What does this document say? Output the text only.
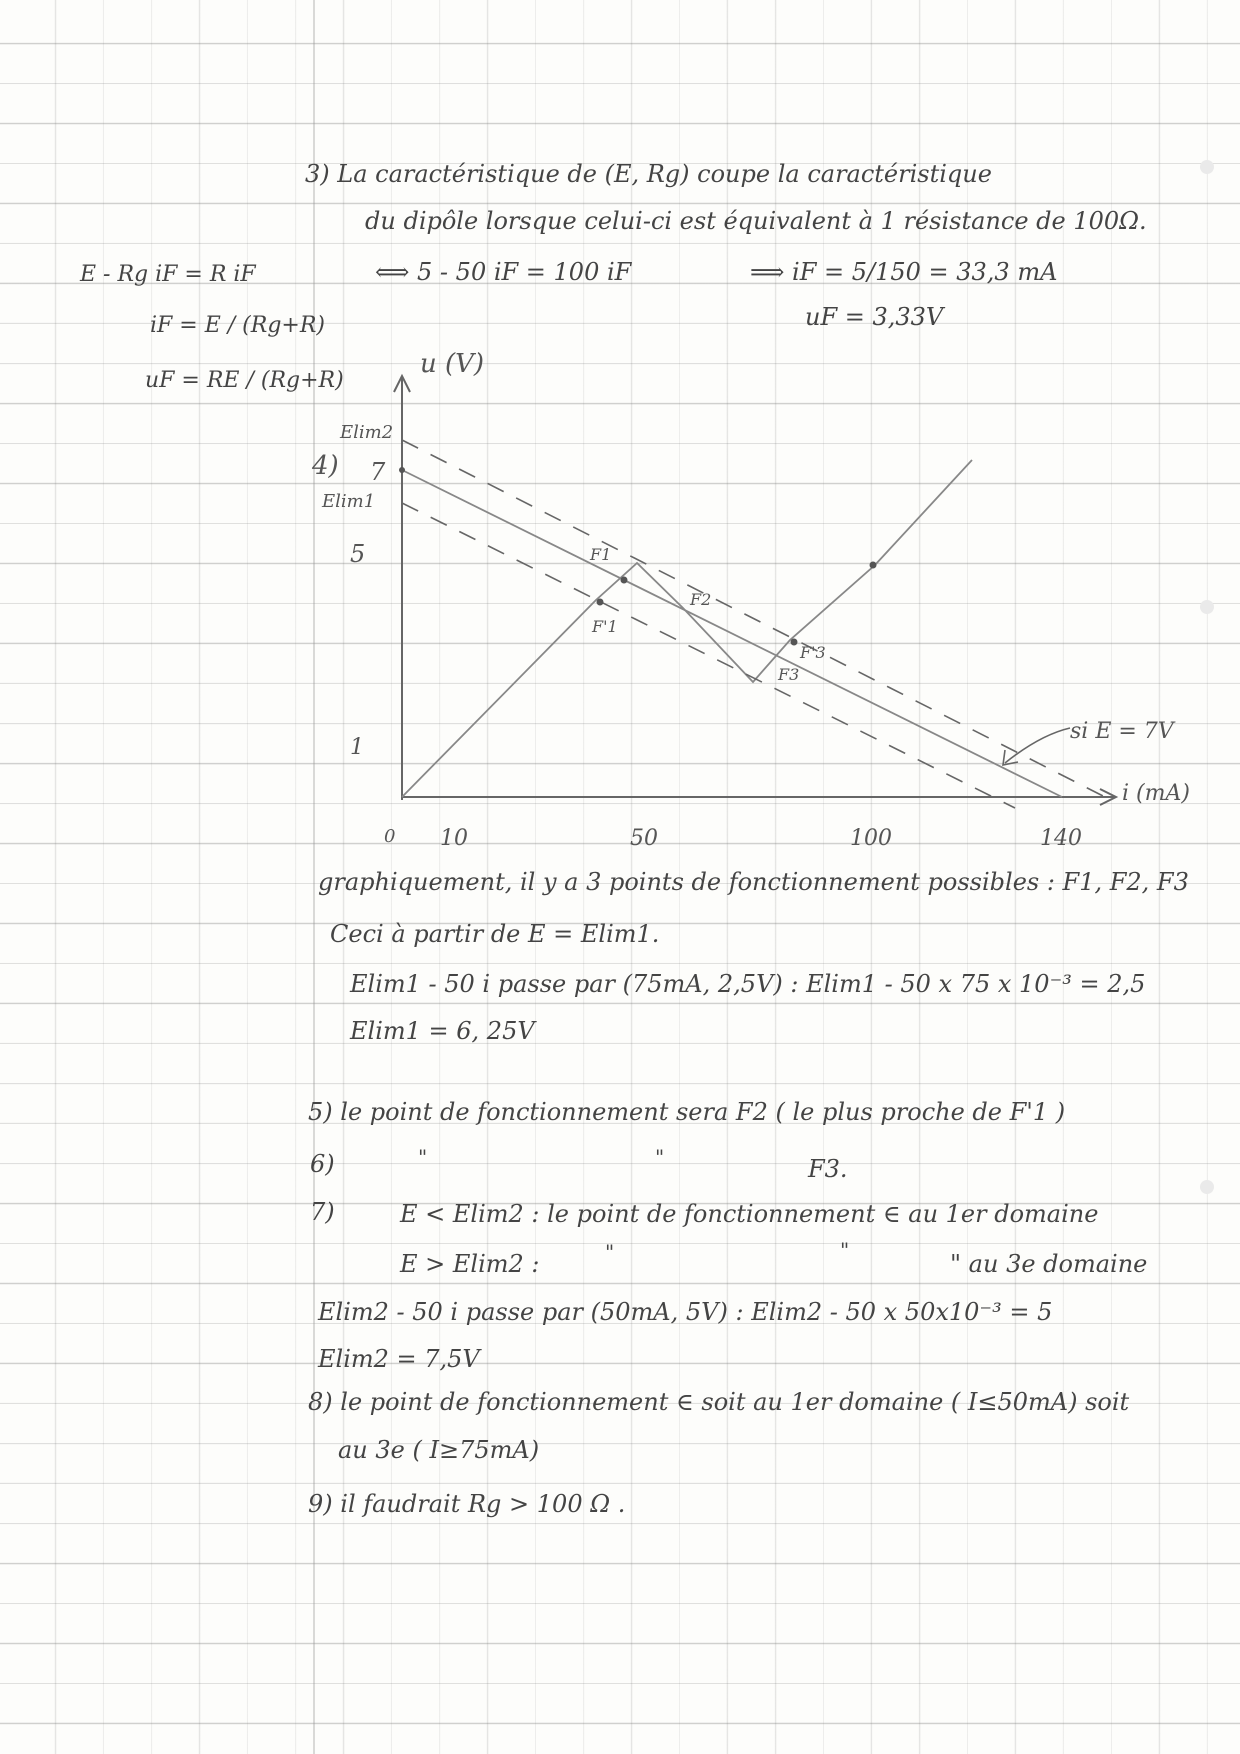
3) La caractéristique de (E, Rg) coupe la caractéristique
du dipôle lorsque celui-ci est équivalent à 1 résistance de 100Ω.
⟺ 5 - 50 iF = 100 iF	⟹ iF = 5/150 = 33,3 mA
uF = 3,33V
E - Rg iF = R iF
iF = E / (Rg+R)
uF = RE / (Rg+R)
u (V)
i (mA)
7
5
1
0 10	50	100	140
Elim2
4)
Elim1
F1
F'1
F2
F3
F'3
si E = 7V
graphiquement, il y a 3 points de fonctionnement possibles : F1, F2, F3
Ceci à partir de E = Elim1.
Elim1 - 50 i passe par (75mA, 2,5V) : Elim1 - 50 x 75 x 10⁻³ = 2,5
Elim1 = 6, 25V
5) le point de fonctionnement sera F2 ( le plus proche de F'1 )
6)	"	"	F3.
7)	E < Elim2 : le point de fonctionnement ∈ au 1er domaine
E > Elim2 :	"	"	" au 3e domaine
Elim2 - 50 i passe par (50mA, 5V) : Elim2 - 50 x 50x10⁻³ = 5
Elim2 = 7,5V
8) le point de fonctionnement ∈ soit au 1er domaine ( I≤50mA) soit
au 3e ( I≥75mA)
9) il faudrait Rg > 100 Ω .
